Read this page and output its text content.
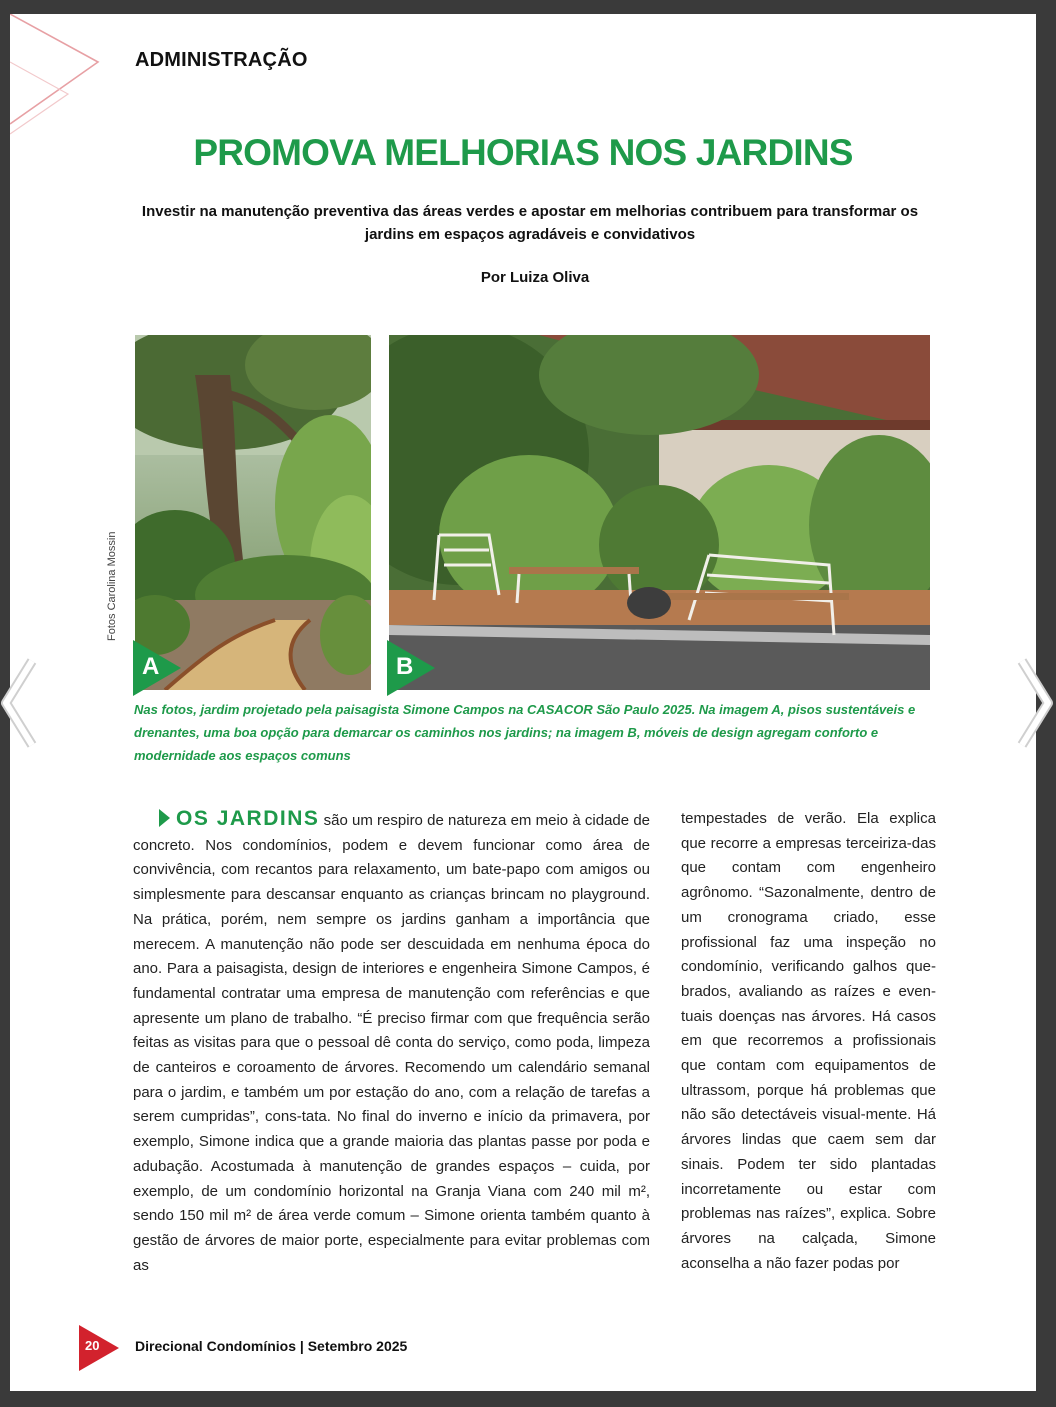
ADMINISTRAÇÃO
PROMOVA MELHORIAS NOS JARDINS
Investir na manutenção preventiva das áreas verdes e apostar em melhorias contribuem para transformar os jardins em espaços agradáveis e convidativos
Por Luiza Oliva
Fotos Carolina Mossin
A	B
Nas fotos, jardim projetado pela paisagista Simone Campos na CASACOR São Paulo 2025. Na imagem A, pisos sustentáveis e drenantes, uma boa opção para demarcar os caminhos nos jardins; na imagem B, móveis de design agregam conforto e modernidade aos espaços comuns
OS JARDINS são um respiro de natureza em meio à cidade de concreto. Nos condomínios, podem e devem funcionar como área de convivência, com recantos para relaxamento, um bate-papo com amigos ou simplesmente para descansar enquanto as crianças brincam no playground. Na prática, porém, nem sempre os jardins ganham a importância que merecem. A manutenção não pode ser descuidada em nenhuma época do ano. Para a paisagista, design de interiores e engenheira Simone Campos, é fundamental contratar uma empresa de manutenção com referências e que apresente um plano de trabalho. “É preciso firmar com que frequência serão feitas as visitas para que o pessoal dê conta do serviço, como poda, limpeza de canteiros e coroamento de árvores. Recomendo um calendário semanal para o jardim, e também um por estação do ano, com a relação de tarefas a serem cumpridas”, cons-tata. No final do inverno e início da primavera, por exemplo, Simone indica que a grande maioria das plantas passe por poda e adubação. Acostumada à manutenção de grandes espaços – cuida, por exemplo, de um condomínio horizontal na Granja Viana com 240 mil m², sendo 150 mil m² de área verde comum – Simone orienta também quanto à gestão de árvores de maior porte, especialmente para evitar problemas com as
tempestades de verão. Ela explica que recorre a empresas terceiriza-das que contam com engenheiro agrônomo. “Sazonalmente, dentro de um cronograma criado, esse profissional faz uma inspeção no condomínio, verificando galhos que-brados, avaliando as raízes e even-tuais doenças nas árvores. Há casos em que recorremos a profissionais que contam com equipamentos de ultrassom, porque há problemas que não são detectáveis visual-mente. Há árvores lindas que caem sem dar sinais. Podem ter sido plantadas incorretamente ou estar com problemas nas raízes”, explica. Sobre árvores na calçada, Simone aconselha a não fazer podas por
20	Direcional Condomínios | Setembro 2025
